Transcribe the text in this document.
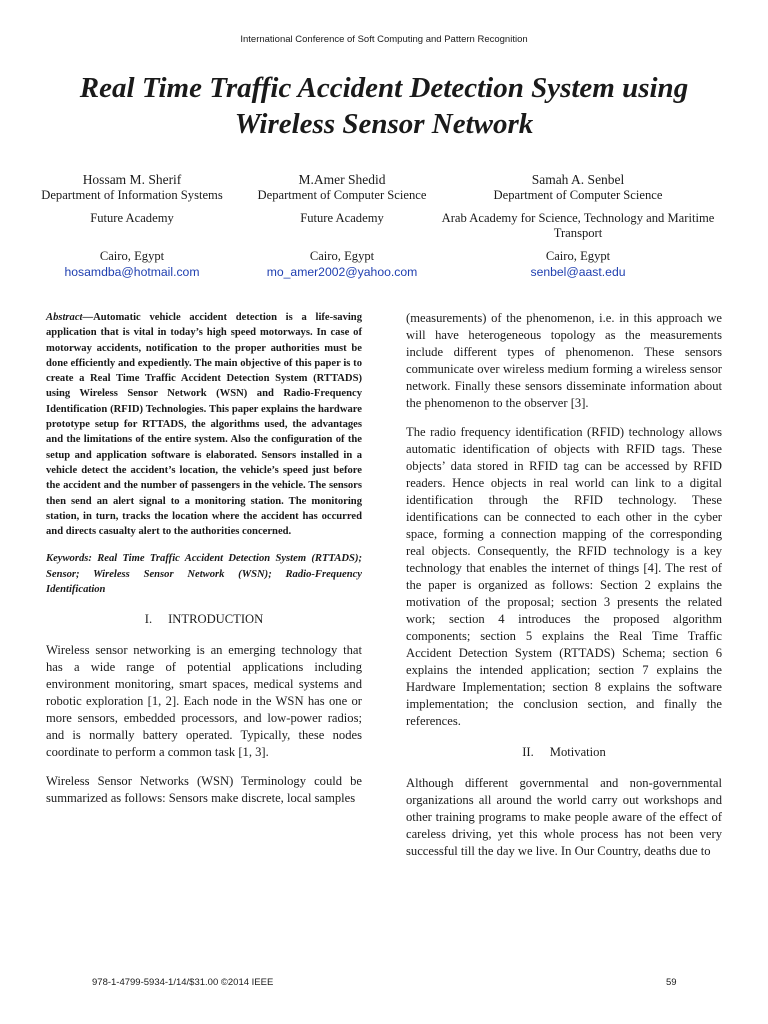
International Conference of Soft Computing and Pattern Recognition
Real Time Traffic Accident Detection System using
Wireless Sensor Network
Hossam M. Sherif
Department of Information Systems
Future Academy
Cairo, Egypt
hosamdba@hotmail.com
M.Amer Shedid
Department of Computer Science
Future Academy
Cairo, Egypt
mo_amer2002@yahoo.com
Samah A. Senbel
Department of Computer Science
Arab Academy for Science, Technology and Maritime
Transport
Cairo, Egypt
senbel@aast.edu

Abstract—Automatic vehicle accident detection is a life-saving application that is vital in today’s high speed motorways. In case of motorway accidents, notification to the proper authorities must be done efficiently and expediently. The main objective of this paper is to create a Real Time Traffic Accident Detection System (RTTADS) using Wireless Sensor Network (WSN) and Radio-Frequency Identification (RFID) Technologies. This paper explains the hardware prototype setup for RTTADS, the algorithms used, the advantages and the limitations of the entire system. Also the configuration of the setup and application software is elaborated. Sensors installed in a vehicle detect the accident’s location, the vehicle’s speed just before the accident and the number of passengers in the vehicle. The sensors then send an alert signal to a monitoring station. The monitoring station, in turn, tracks the location where the accident has occurred and directs casualty alert to the authorities concerned.

Keywords: Real Time Traffic Accident Detection System (RTTADS); Sensor; Wireless Sensor Network (WSN); Radio-Frequency Identification

I. INTRODUCTION

Wireless sensor networking is an emerging technology that has a wide range of potential applications including environment monitoring, smart spaces, medical systems and robotic exploration [1, 2]. Each node in the WSN has one or more sensors, embedded processors, and low-power radios; and is normally battery operated. Typically, these nodes coordinate to perform a common task [1, 3].

Wireless Sensor Networks (WSN) Terminology could be summarized as follows: Sensors make discrete, local samples

(measurements) of the phenomenon, i.e. in this approach we will have heterogeneous topology as the measurements include different types of phenomenon. These sensors communicate over wireless medium forming a wireless sensor network. Finally these sensors disseminate information about the phenomenon to the observer [3].

The radio frequency identification (RFID) technology allows automatic identification of objects with RFID tags. These objects’ data stored in RFID tag can be accessed by RFID readers. Hence objects in real world can link to a digital identification through the RFID technology. These identifications can be connected to each other in the cyber space, forming a connection mapping of the corresponding real objects. Consequently, the RFID technology is a key technology that enables the internet of things [4]. The rest of the paper is organized as follows: Section 2 explains the motivation of the proposal; section 3 presents the related work; section 4 introduces the proposed algorithm components; section 5 explains the Real Time Traffic Accident Detection System (RTTADS) Schema; section 6 explains the intended application; section 7 explains the Hardware Implementation; section 8 explains the software implementation; the conclusion section, and finally the references.

II. Motivation

Although different governmental and non-governmental organizations all around the world carry out workshops and other training programs to make people aware of the effect of careless driving, yet this whole process has not been very successful till the day we live. In Our Country, deaths due to

978-1-4799-5934-1/14/$31.00 ©2014 IEEE	59
